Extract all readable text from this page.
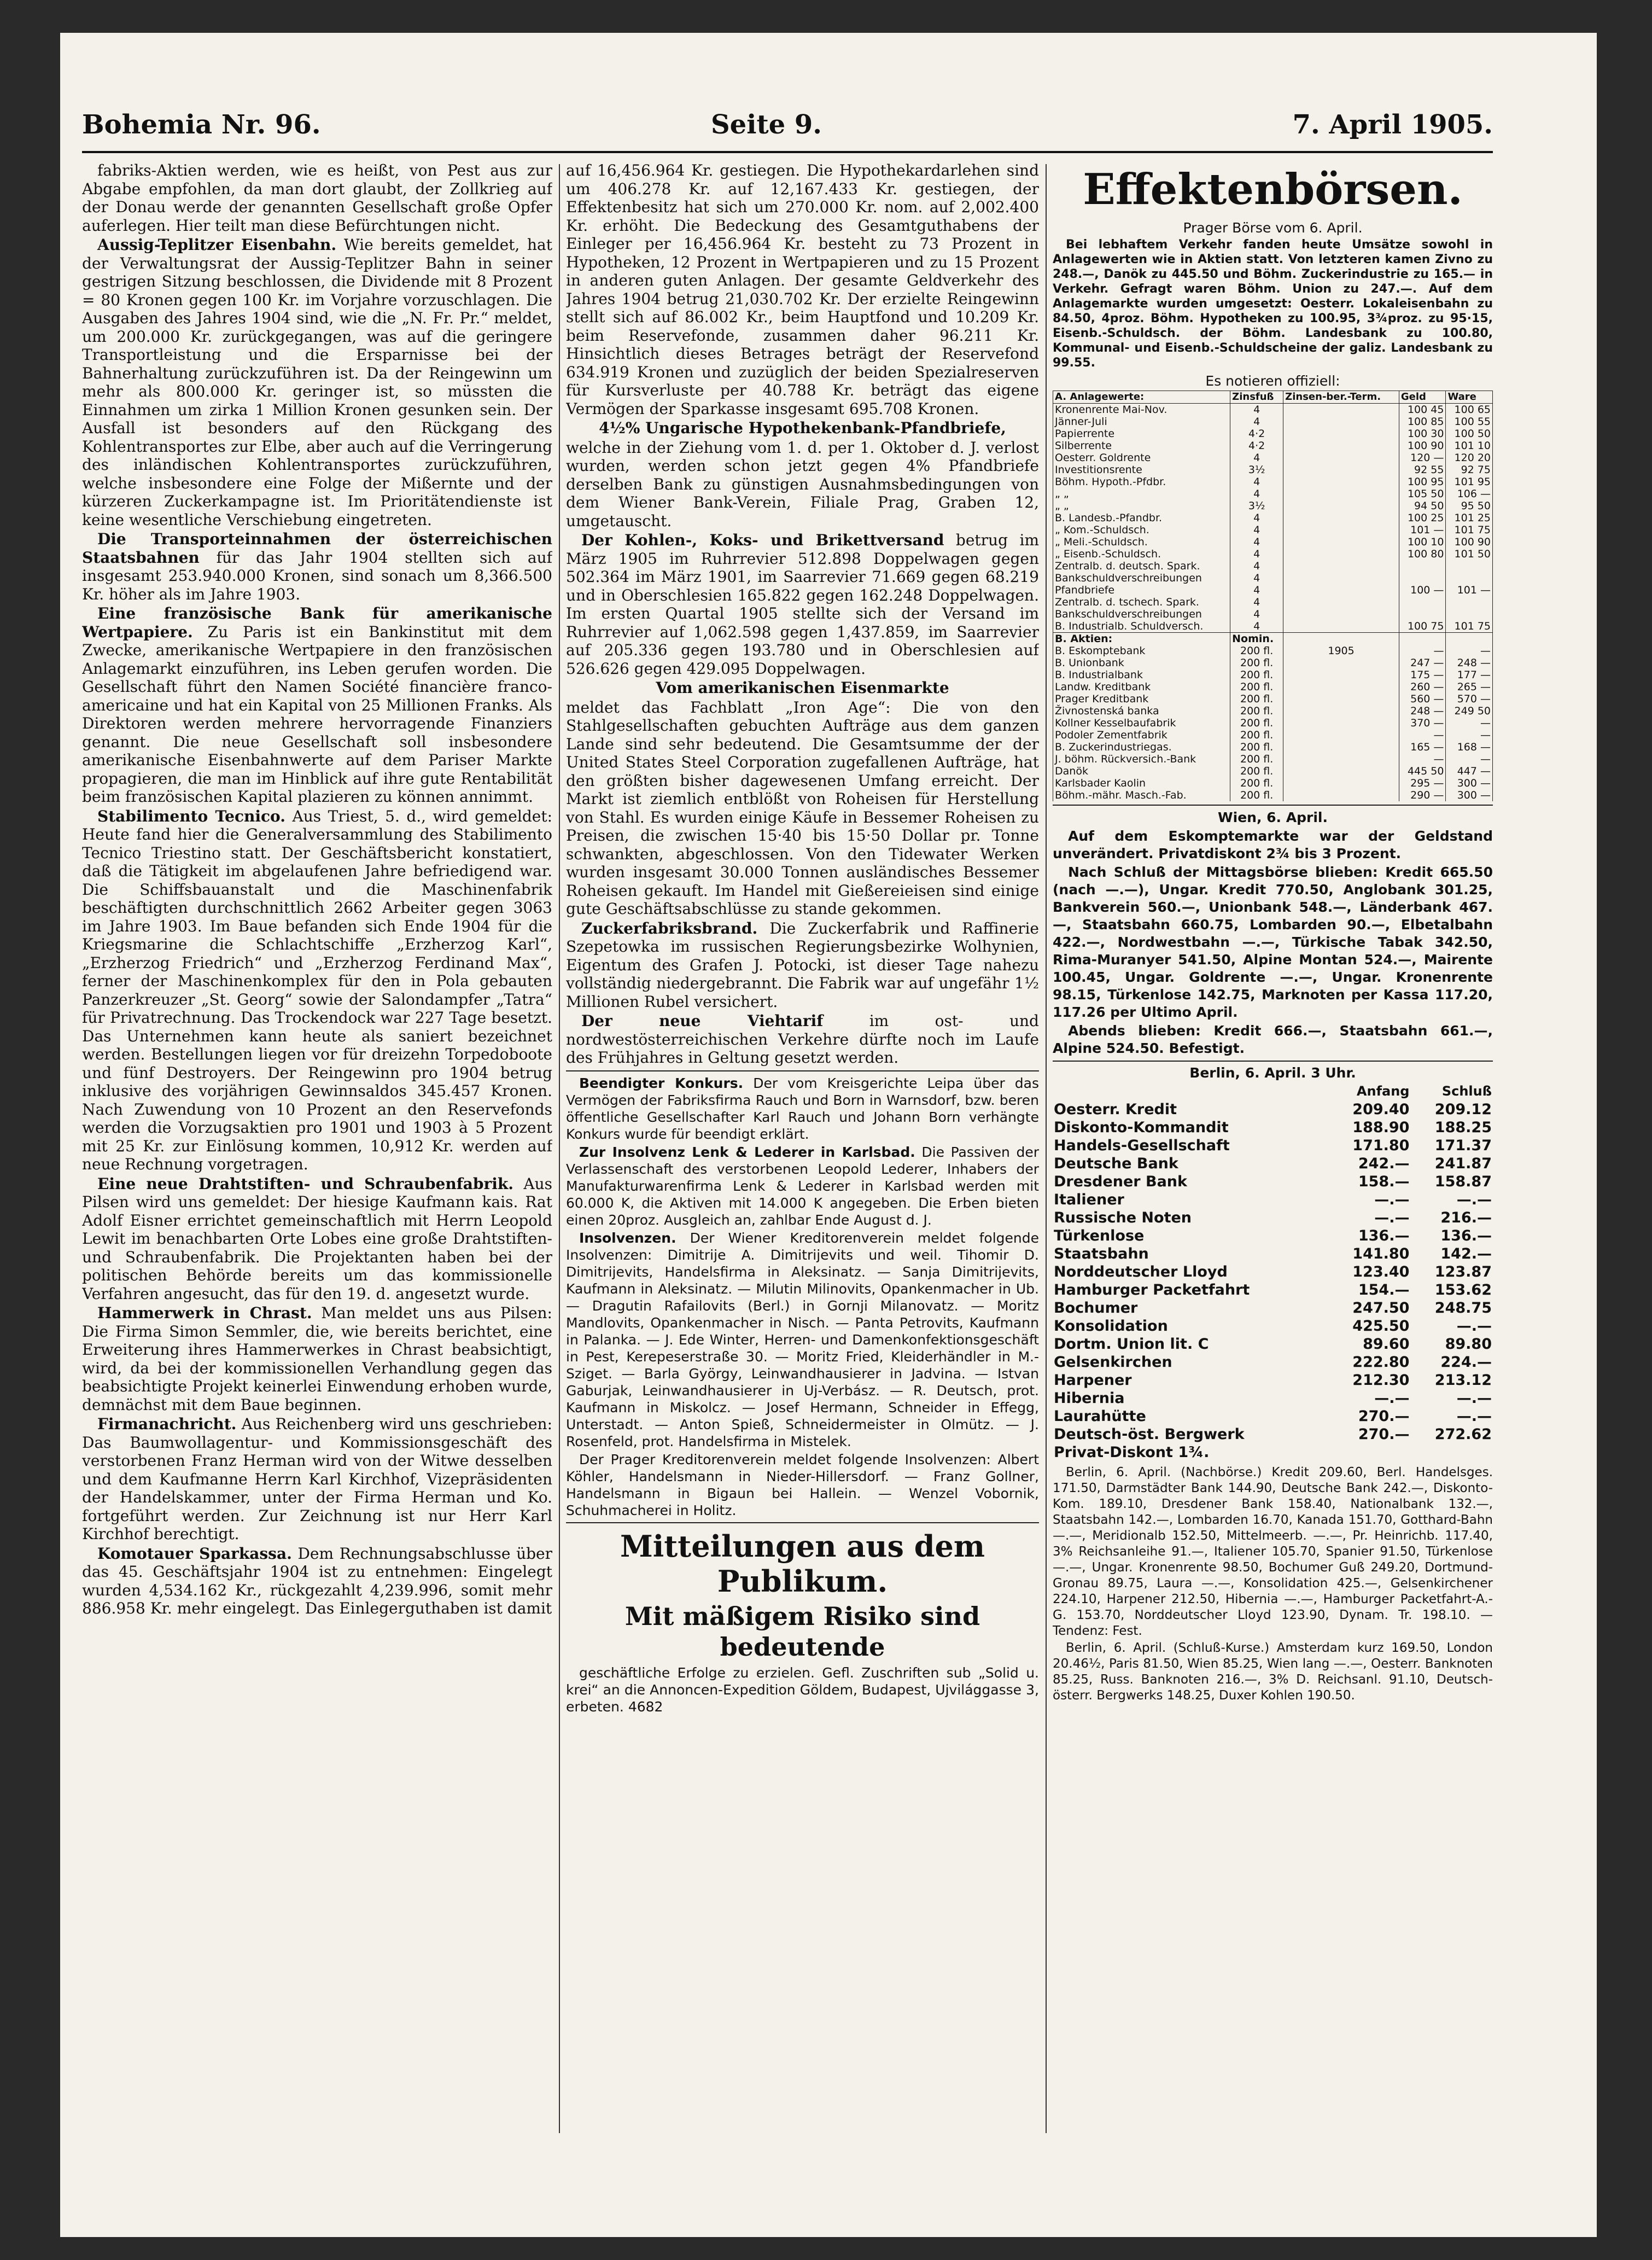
Bohemia Nr. 96.	Seite 9.	7. April 1905.

fabriks-Aktien werden, wie es heißt, von Pest aus zur Abgabe empfohlen, da man dort glaubt, der Zollkrieg auf der Donau werde der genannten Gesellschaft große Opfer auferlegen. Hier teilt man diese Befürchtungen nicht.

Aussig-Teplitzer Eisenbahn. Wie bereits gemeldet, hat der Verwaltungsrat der Aussig-Teplitzer Bahn in seiner gestrigen Sitzung beschlossen, die Dividende mit 8 Prozent = 80 Kronen gegen 100 Kr. im Vorjahre vorzuschlagen. Die Ausgaben des Jahres 1904 sind, wie die „N. Fr. Pr.“ meldet, um 200.000 Kr. zurückgegangen, was auf die geringere Transportleistung und die Ersparnisse bei der Bahnerhaltung zurückzuführen ist. Da der Reingewinn um mehr als 800.000 Kr. geringer ist, so müssten die Einnahmen um zirka 1 Million Kronen gesunken sein. Der Ausfall ist besonders auf den Rückgang des Kohlentransportes zur Elbe, aber auch auf die Verringerung des inländischen Kohlentransportes zurückzuführen, welche insbesondere eine Folge der Mißernte und der kürzeren Zuckerkampagne ist. Im Prioritätendienste ist keine wesentliche Verschiebung eingetreten.

Die Transporteinnahmen der österreichischen Staatsbahnen für das Jahr 1904 stellten sich auf insgesamt 253.940.000 Kronen, sind sonach um 8,366.500 Kr. höher als im Jahre 1903.

Eine französische Bank für amerikanische Wertpapiere. Zu Paris ist ein Bankinstitut mit dem Zwecke, amerikanische Wertpapiere in den französischen Anlagemarkt einzuführen, ins Leben gerufen worden. Die Gesellschaft führt den Namen Société financière franco-americaine und hat ein Kapital von 25 Millionen Franks. Als Direktoren werden mehrere hervorragende Finanziers genannt. Die neue Gesellschaft soll insbesondere amerikanische Eisenbahnwerte auf dem Pariser Markte propagieren, die man im Hinblick auf ihre gute Rentabilität beim französischen Kapital plazieren zu können annimmt.

Stabilimento Tecnico. Aus Triest, 5. d., wird gemeldet: Heute fand hier die Generalversammlung des Stabilimento Tecnico Triestino statt. Der Geschäftsbericht konstatiert, daß die Tätigkeit im abgelaufenen Jahre befriedigend war. Die Schiffsbauanstalt und die Maschinenfabrik beschäftigten durchschnittlich 2662 Arbeiter gegen 3063 im Jahre 1903. Im Baue befanden sich Ende 1904 für die Kriegsmarine die Schlachtschiffe „Erzherzog Karl“, „Erzherzog Friedrich“ und „Erzherzog Ferdinand Max“, ferner der Maschinenkomplex für den in Pola gebauten Panzerkreuzer „St. Georg“ sowie der Salondampfer „Tatra“ für Privatrechnung. Das Trockendock war 227 Tage besetzt. Das Unternehmen kann heute als saniert bezeichnet werden. Bestellungen liegen vor für dreizehn Torpedoboote und fünf Destroyers. Der Reingewinn pro 1904 betrug inklusive des vorjährigen Gewinnsaldos 345.457 Kronen. Nach Zuwendung von 10 Prozent an den Reservefonds werden die Vorzugsaktien pro 1901 und 1903 à 5 Prozent mit 25 Kr. zur Einlösung kommen, 10,912 Kr. werden auf neue Rechnung vorgetragen.

Eine neue Drahtstiften- und Schraubenfabrik. Aus Pilsen wird uns gemeldet: Der hiesige Kaufmann kais. Rat Adolf Eisner errichtet gemeinschaftlich mit Herrn Leopold Lewit im benachbarten Orte Lobes eine große Drahtstiften- und Schraubenfabrik. Die Projektanten haben bei der politischen Behörde bereits um das kommissionelle Verfahren angesucht, das für den 19. d. angesetzt wurde.

Hammerwerk in Chrast. Man meldet uns aus Pilsen: Die Firma Simon Semmler, die, wie bereits berichtet, eine Erweiterung ihres Hammerwerkes in Chrast beabsichtigt, wird, da bei der kommissionellen Verhandlung gegen das beabsichtigte Projekt keinerlei Einwendung erhoben wurde, demnächst mit dem Baue beginnen.

Firmanachricht. Aus Reichenberg wird uns geschrieben: Das Baumwollagentur- und Kommissionsgeschäft des verstorbenen Franz Herman wird von der Witwe desselben und dem Kaufmanne Herrn Karl Kirchhof, Vizepräsidenten der Handelskammer, unter der Firma Herman und Ko. fortgeführt werden. Zur Zeichnung ist nur Herr Karl Kirchhof berechtigt.

Komotauer Sparkassa. Dem Rechnungsabschlusse über das 45. Geschäftsjahr 1904 ist zu entnehmen: Eingelegt wurden 4,534.162 Kr., rückgezahlt 4,239.996, somit mehr 886.958 Kr. mehr eingelegt. Das Einlegerguthaben ist damit

auf 16,456.964 Kr. gestiegen. Die Hypothekardarlehen sind um 406.278 Kr. auf 12,167.433 Kr. gestiegen, der Effektenbesitz hat sich um 270.000 Kr. nom. auf 2,002.400 Kr. erhöht. Die Bedeckung des Gesamtguthabens der Einleger per 16,456.964 Kr. besteht zu 73 Prozent in Hypotheken, 12 Prozent in Wertpapieren und zu 15 Prozent in anderen guten Anlagen. Der gesamte Geldverkehr des Jahres 1904 betrug 21,030.702 Kr. Der erzielte Reingewinn stellt sich auf 86.002 Kr., beim Hauptfond und 10.209 Kr. beim Reservefonde, zusammen daher 96.211 Kr. Hinsichtlich dieses Betrages beträgt der Reservefond 634.919 Kronen und zuzüglich der beiden Spezialreserven für Kursverluste per 40.788 Kr. beträgt das eigene Vermögen der Sparkasse insgesamt 695.708 Kronen.

4½% Ungarische Hypothekenbank-Pfandbriefe,

welche in der Ziehung vom 1. d. per 1. Oktober d. J. verlost wurden, werden schon jetzt gegen 4% Pfandbriefe derselben Bank zu günstigen Ausnahmsbedingungen von dem Wiener Bank-Verein, Filiale Prag, Graben 12, umgetauscht.

Der Kohlen-, Koks- und Brikettversand betrug im März 1905 im Ruhrrevier 512.898 Doppelwagen gegen 502.364 im März 1901, im Saarrevier 71.669 gegen 68.219 und in Oberschlesien 165.822 gegen 162.248 Doppelwagen. Im ersten Quartal 1905 stellte sich der Versand im Ruhrrevier auf 1,062.598 gegen 1,437.859, im Saarrevier auf 205.336 gegen 193.780 und in Oberschlesien auf 526.626 gegen 429.095 Doppelwagen.

Vom amerikanischen Eisenmarkte

meldet das Fachblatt „Iron Age“: Die von den Stahlgesellschaften gebuchten Aufträge aus dem ganzen Lande sind sehr bedeutend. Die Gesamtsumme der der United States Steel Corporation zugefallenen Aufträge, hat den größten bisher dagewesenen Umfang erreicht. Der Markt ist ziemlich entblößt von Roheisen für Herstellung von Stahl. Es wurden einige Käufe in Bessemer Roheisen zu Preisen, die zwischen 15·40 bis 15·50 Dollar pr. Tonne schwankten, abgeschlossen. Von den Tidewater Werken wurden insgesamt 30.000 Tonnen ausländisches Bessemer Roheisen gekauft. Im Handel mit Gießereieisen sind einige gute Geschäftsabschlüsse zu stande gekommen.

Zuckerfabriksbrand. Die Zuckerfabrik und Raffinerie Szepetowka im russischen Regierungsbezirke Wolhynien, Eigentum des Grafen J. Potocki, ist dieser Tage nahezu vollständig niedergebrannt. Die Fabrik war auf ungefähr 1½ Millionen Rubel versichert.

Der neue Viehtarif	im ost- und nordwestösterreichischen Verkehre dürfte noch im Laufe des Frühjahres in Geltung gesetzt werden.

Beendigter Konkurs. Der vom Kreisgerichte Leipa über das Vermögen der Fabriksfirma Rauch und Born in Warnsdorf, bzw. beren öffentliche Gesellschafter Karl Rauch und Johann Born verhängte Konkurs wurde für beendigt erklärt.

Zur Insolvenz Lenk & Lederer in Karlsbad. Die Passiven der Verlassenschaft des verstorbenen Leopold Lederer, Inhabers der Manufakturwarenfirma Lenk & Lederer in Karlsbad werden mit 60.000 K, die Aktiven mit 14.000 K angegeben. Die Erben bieten einen 20proz. Ausgleich an, zahlbar Ende August d. J.

Insolvenzen. Der Wiener Kreditorenverein meldet folgende Insolvenzen: Dimitrije A. Dimitrijevits und weil. Tihomir D. Dimitrijevits, Handelsfirma in Aleksinatz. — Sanja Dimitrijevits, Kaufmann in Aleksinatz. — Milutin Milinovits, Opankenmacher in Ub. — Dragutin Rafailovits (Berl.) in Gornji Milanovatz. — Moritz Mandlovits, Opankenmacher in Nisch. — Panta Petrovits, Kaufmann in Palanka. — J. Ede Winter, Herren- und Damenkonfektionsgeschäft in Pest, Kerepeserstraße 30. — Moritz Fried, Kleiderhändler in M.-Sziget. — Barla György, Leinwandhausierer in Jadvina. — Istvan Gaburjak, Leinwandhausierer in Uj-Verbász. — R. Deutsch, prot. Kaufmann in Miskolcz. — Josef Hermann, Schneider in Effegg, Unterstadt. — Anton Spieß, Schneidermeister in Olmütz. — J. Rosenfeld, prot. Handelsfirma in Mistelek.

Der Prager Kreditorenverein meldet folgende Insolvenzen: Albert Köhler, Handelsmann in Nieder-Hillersdorf. — Franz Gollner, Handelsmann in Bigaun bei Hallein. — Wenzel Vobornik, Schuhmacherei in Holitz.

Mitteilungen aus dem Publikum.
Mit mäßigem Risiko sind bedeutende

geschäftliche Erfolge zu erzielen. Gefl. Zuschriften sub „Solid u. krei“ an die Annoncen-Expedition Göldem, Budapest, Ujvilággasse 3, erbeten. 4682

Effektenbörsen.

Prager Börse vom 6. April.

Bei lebhaftem Verkehr fanden heute Umsätze sowohl in Anlagewerten wie in Aktien statt. Von letzteren kamen Zivno zu 248.—, Danök zu 445.50 und Böhm. Zuckerindustrie zu 165.— in Verkehr. Gefragt waren Böhm. Union zu 247.—. Auf dem Anlagemarkte wurden umgesetzt: Oesterr. Lokaleisenbahn zu 84.50, 4proz. Böhm. Hypotheken zu 100.95, 3¾proz. zu 95·15, Eisenb.-Schuldsch. der Böhm. Landesbank zu 100.80, Kommunal- und Eisenb.-Schuldscheine der galiz. Landesbank zu 99.55.

Es notieren offiziell:

A. Anlagewerte:	Zinsfuß	Zinsen-ber.-Term.	Geld	Ware
Kronenrente Mai-Nov.	4		100 45	100 65
Jänner-Juli	4		100 85	100 55
Papierrente	4·2		100 30	100 50
Silberrente	4·2		100 90	101 10
Oesterr. Goldrente	4		120 —	120 20
Investitionsrente	3½		92 55	92 75
Böhm. Hypoth.-Pfdbr.	4		100 95	101 95
„ „	4		105 50	106 —
„ „	3½		94 50	95 50
B. Landesb.-Pfandbr.	4		100 25	101 25
„ Kom.-Schuldsch.	4		101 —	101 75
„ Meli.-Schuldsch.	4		100 10	100 90
„ Eisenb.-Schuldsch.	4		100 80	101 50
Zentralb. d. deutsch. Spark.	4			
Bankschuldverschreibungen	4			
Pfandbriefe	4		100 —	101 —
Zentralb. d. tschech. Spark.	4			
Bankschuldverschreibungen	4			
B. Industrialb. Schuldversch.	4		100 75	101 75
B. Aktien:	Nomin.			
B. Eskomptebank	200 fl.	1905	—	—
B. Unionbank	200 fl.		247 —	248 —
B. Industrialbank	200 fl.		175 —	177 —
Landw. Kreditbank	200 fl.		260 —	265 —
Prager Kreditbank	200 fl.		560 —	570 —
Živnostenská banka	200 fl.		248 —	249 50
Kollner Kesselbaufabrik	200 fl.		370 —	—
Podoler Zementfabrik	200 fl.		—	—
B. Zuckerindustriegas.	200 fl.		165 —	168 —
J. böhm. Rückversich.-Bank	200 fl.		—	—
Danök	200 fl.		445 50	447 —
Karlsbader Kaolin	200 fl.		295 —	300 —
Böhm.-mähr. Masch.-Fab.	200 fl.		290 —	300 —

Wien, 6. April.

Auf dem Eskomptemarkte war der Geldstand unverändert. Privatdiskont 2¾ bis 3 Prozent.

Nach Schluß der Mittagsbörse blieben: Kredit 665.50 (nach —.—), Ungar. Kredit 770.50, Anglobank 301.25, Bankverein 560.—, Unionbank 548.—, Länderbank 467.—, Staatsbahn 660.75, Lombarden 90.—, Elbetalbahn 422.—, Nordwestbahn —.—, Türkische Tabak 342.50, Rima-Muranyer 541.50, Alpine Montan 524.—, Mairente 100.45, Ungar. Goldrente —.—, Ungar. Kronenrente 98.15, Türkenlose 142.75, Marknoten per Kassa 117.20, 117.26 per Ultimo April.

Abends blieben: Kredit 666.—, Staatsbahn 661.—, Alpine 524.50. Befestigt.

Berlin, 6. April. 3 Uhr.

	Anfang	Schluß
Oesterr. Kredit	209.40	209.12
Diskonto-Kommandit	188.90	188.25
Handels-Gesellschaft	171.80	171.37
Deutsche Bank	242.—	241.87
Dresdener Bank	158.—	158.87
Italiener	—.—	—.—
Russische Noten	—.—	216.—
Türkenlose	136.—	136.—
Staatsbahn	141.80	142.—
Norddeutscher Lloyd	123.40	123.87
Hamburger Packetfahrt	154.—	153.62
Bochumer	247.50	248.75
Konsolidation	425.50	—.—
Dortm. Union lit. C	89.60	89.80
Gelsenkirchen	222.80	224.—
Harpener	212.30	213.12
Hibernia	—.—	—.—
Laurahütte	270.—	—.—
Deutsch-öst. Bergwerk	270.—	272.62
Privat-Diskont 1¾.		

Berlin, 6. April. (Nachbörse.) Kredit 209.60, Berl. Handelsges. 171.50, Darmstädter Bank 144.90, Deutsche Bank 242.—, Diskonto-Kom. 189.10, Dresdener Bank 158.40, Nationalbank 132.—, Staatsbahn 142.—, Lombarden 16.70, Kanada 151.70, Gotthard-Bahn —.—, Meridionalb 152.50, Mittelmeerb. —.—, Pr. Heinrichb. 117.40, 3% Reichsanleihe 91.—, Italiener 105.70, Spanier 91.50, Türkenlose —.—, Ungar. Kronenrente 98.50, Bochumer Guß 249.20, Dortmund-Gronau 89.75, Laura —.—, Konsolidation 425.—, Gelsenkirchener 224.10, Harpener 212.50, Hibernia —.—, Hamburger Packetfahrt-A.-G. 153.70, Norddeutscher Lloyd 123.90, Dynam. Tr. 198.10. — Tendenz: Fest.

Berlin, 6. April. (Schluß-Kurse.) Amsterdam kurz 169.50, London 20.46½, Paris 81.50, Wien 85.25, Wien lang —.—, Oesterr. Banknoten 85.25, Russ. Banknoten 216.—, 3% D. Reichsanl. 91.10, Deutsch-österr. Bergwerks 148.25, Duxer Kohlen 190.50.
